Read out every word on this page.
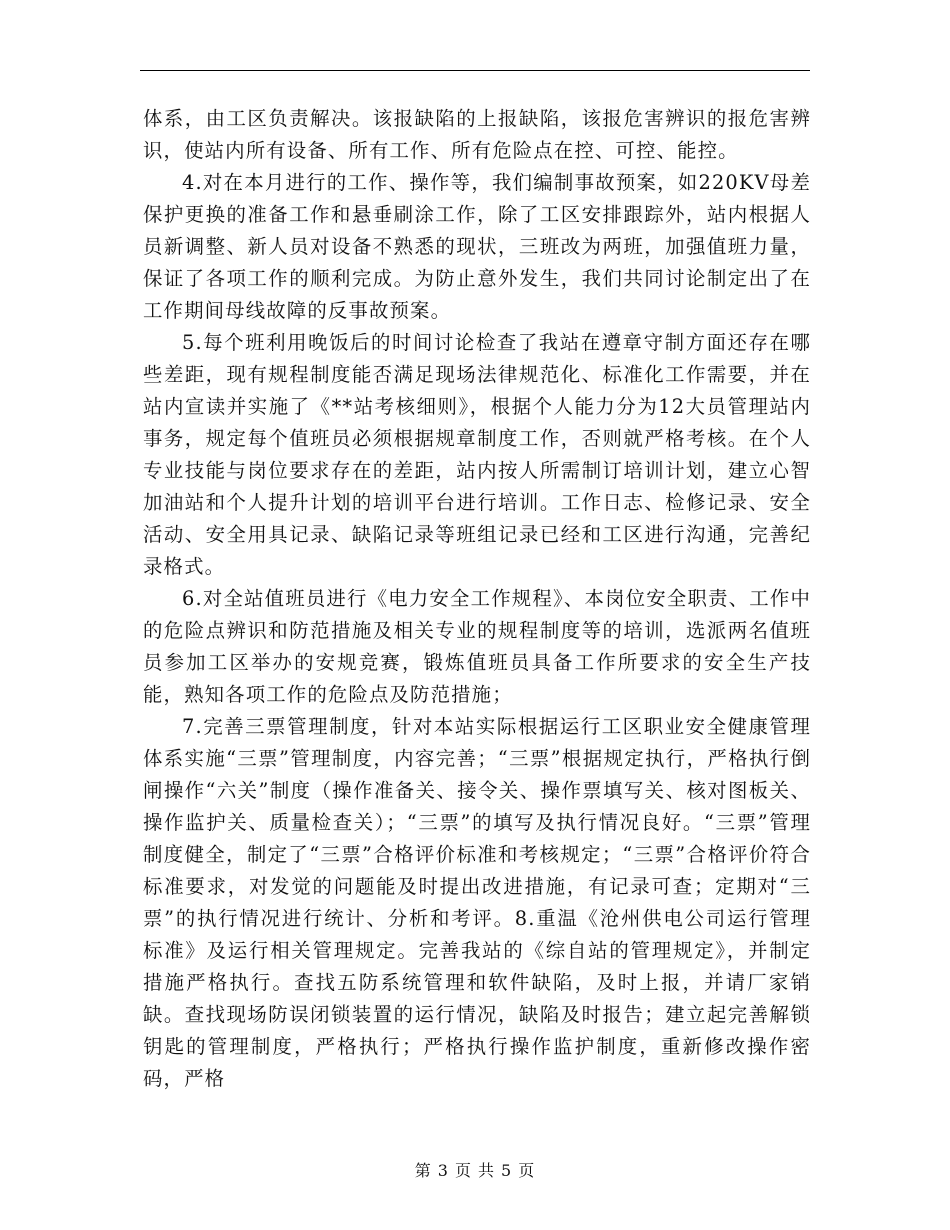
体系，由工区负责解决。该报缺陷的上报缺陷，该报危害辨识的报危害辨识，使站内所有设备、所有工作、所有危险点在控、可控、能控。

4.对在本月进行的工作、操作等，我们编制事故预案，如220KV母差保护更换的准备工作和悬垂刷涂工作，除了工区安排跟踪外，站内根据人员新调整、新人员对设备不熟悉的现状，三班改为两班，加强值班力量，保证了各项工作的顺利完成。为防止意外发生，我们共同讨论制定出了在工作期间母线故障的反事故预案。

5.每个班利用晚饭后的时间讨论检查了我站在遵章守制方面还存在哪些差距，现有规程制度能否满足现场法律规范化、标准化工作需要，并在站内宣读并实施了《**站考核细则》，根据个人能力分为12大员管理站内事务，规定每个值班员必须根据规章制度工作，否则就严格考核。在个人专业技能与岗位要求存在的差距，站内按人所需制订培训计划，建立心智加油站和个人提升计划的培训平台进行培训。工作日志、检修记录、安全活动、安全用具记录、缺陷记录等班组记录已经和工区进行沟通，完善纪录格式。

6.对全站值班员进行《电力安全工作规程》、本岗位安全职责、工作中的危险点辨识和防范措施及相关专业的规程制度等的培训，选派两名值班员参加工区举办的安规竞赛，锻炼值班员具备工作所要求的安全生产技能，熟知各项工作的危险点及防范措施；

7.完善三票管理制度，针对本站实际根据运行工区职业安全健康管理体系实施“三票”管理制度，内容完善；“三票”根据规定执行，严格执行倒闸操作“六关”制度（操作准备关、接令关、操作票填写关、核对图板关、操作监护关、质量检查关）；“三票”的填写及执行情况良好。“三票”管理制度健全，制定了“三票”合格评价标准和考核规定；“三票”合格评价符合标准要求，对发觉的问题能及时提出改进措施，有记录可查；定期对“三票”的执行情况进行统计、分析和考评。8.重温《沧州供电公司运行管理标准》及运行相关管理规定。完善我站的《综自站的管理规定》，并制定措施严格执行。查找五防系统管理和软件缺陷，及时上报，并请厂家销缺。查找现场防误闭锁装置的运行情况，缺陷及时报告；建立起完善解锁钥匙的管理制度，严格执行；严格执行操作监护制度，重新修改操作密码，严格

第 3 页 共 5 页
